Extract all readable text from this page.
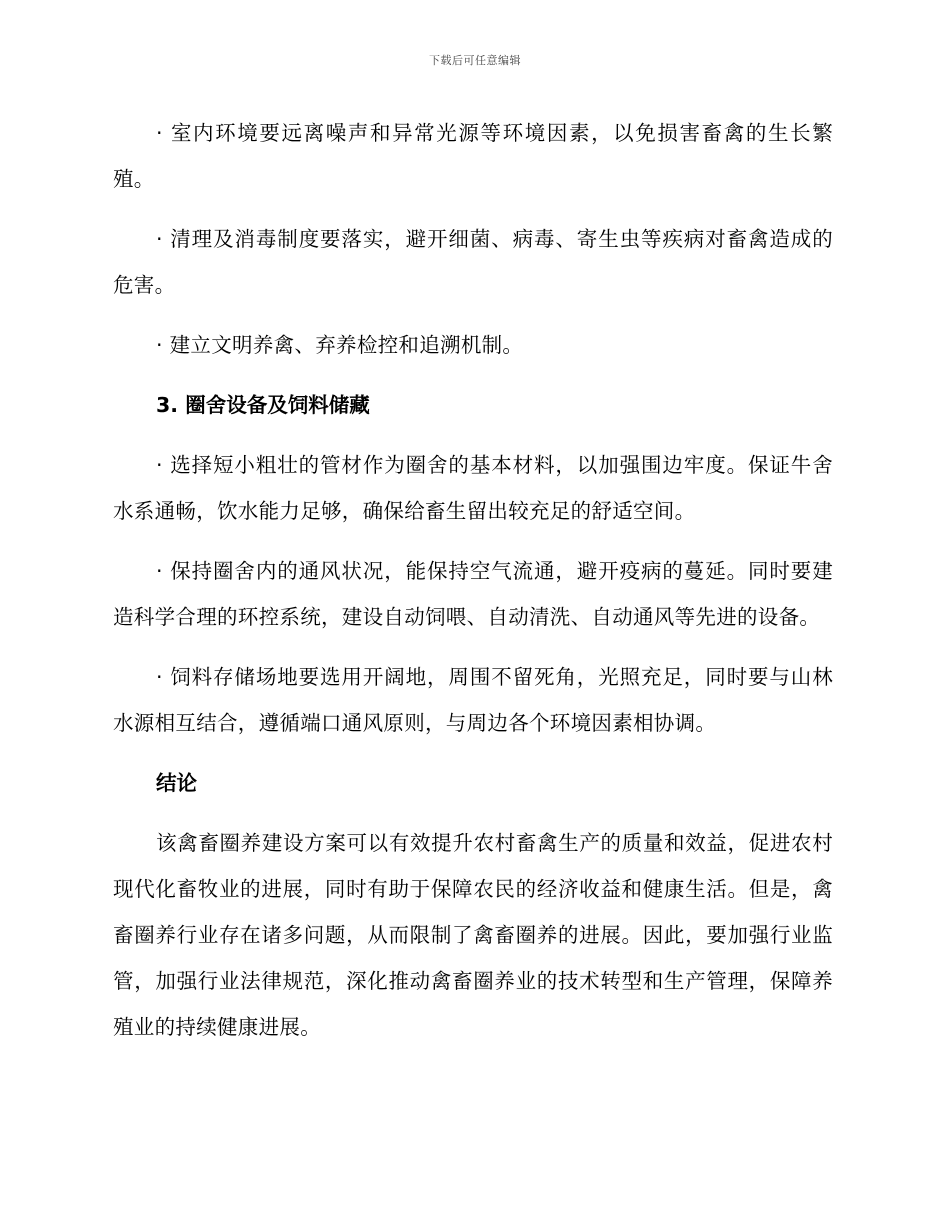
下载后可任意编辑

· 室内环境要远离噪声和异常光源等环境因素，以免损害畜禽的生长繁殖。

· 清理及消毒制度要落实，避开细菌、病毒、寄生虫等疾病对畜禽造成的危害。

· 建立文明养禽、弃养检控和追溯机制。

3. 圈舍设备及饲料储藏

· 选择短小粗壮的管材作为圈舍的基本材料，以加强围边牢度。保证牛舍水系通畅，饮水能力足够，确保给畜生留出较充足的舒适空间。

· 保持圈舍内的通风状况，能保持空气流通，避开疫病的蔓延。同时要建造科学合理的环控系统，建设自动饲喂、自动清洗、自动通风等先进的设备。

· 饲料存储场地要选用开阔地，周围不留死角，光照充足，同时要与山林水源相互结合，遵循端口通风原则，与周边各个环境因素相协调。

结论

该禽畜圈养建设方案可以有效提升农村畜禽生产的质量和效益，促进农村现代化畜牧业的进展，同时有助于保障农民的经济收益和健康生活。但是，禽畜圈养行业存在诸多问题，从而限制了禽畜圈养的进展。因此，要加强行业监管，加强行业法律规范，深化推动禽畜圈养业的技术转型和生产管理，保障养殖业的持续健康进展。
